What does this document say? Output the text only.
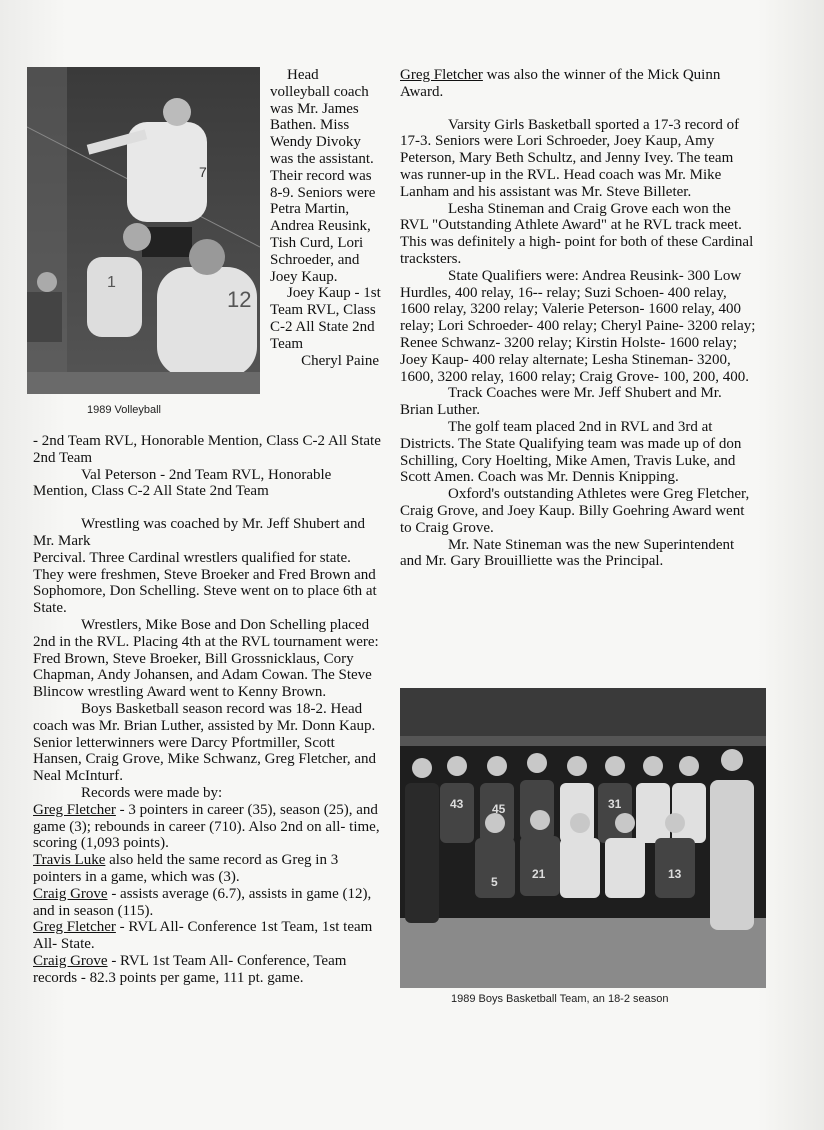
7
12
1
1989 Volleyball

Head volleyball coach was Mr. James Bathen. Miss Wendy Divoky was the assistant. Their record was 8-9. Seniors were Petra Martin, Andrea Reusink, Tish Curd, Lori Schroeder, and Joey Kaup.

Joey Kaup - 1st Team RVL, Class C-2 All State 2nd Team

Cheryl Paine

- 2nd Team RVL, Honorable Mention, Class C-2 All State 2nd Team

Val Peterson - 2nd Team RVL, Honorable Mention, Class C-2 All State 2nd Team

Wrestling was coached by Mr. Jeff Shubert and Mr. Mark

Percival. Three Cardinal wrestlers qualified for state. They were freshmen, Steve Broeker and Fred Brown and Sophomore, Don Schelling. Steve went on to place 6th at State.

Wrestlers, Mike Bose and Don Schelling placed 2nd in the RVL. Placing 4th at the RVL tournament were: Fred Brown, Steve Broeker, Bill Grossnicklaus, Cory Chapman, Andy Johansen, and Adam Cowan. The Steve Blincow wrestling Award went to Kenny Brown.

Boys Basketball season record was 18-2. Head coach was Mr. Brian Luther, assisted by Mr. Donn Kaup. Senior letterwinners were Darcy Pfortmiller, Scott Hansen, Craig Grove, Mike Schwanz, Greg Fletcher, and Neal McInturf.

Records were made by:

Greg Fletcher - 3 pointers in career (35), season (25), and game (3); rebounds in career (710). Also 2nd on all- time, scoring (1,093 points).

Travis Luke also held the same record as Greg in 3 pointers in a game, which was (3).

Craig Grove - assists average (6.7), assists in game (12), and in season (115).

Greg Fletcher - RVL All- Conference 1st Team, 1st team All- State.

Craig Grove - RVL 1st Team All- Conference, Team records - 82.3 points per game, 111 pt. game.

Greg Fletcher was also the winner of the Mick Quinn Award.

Varsity Girls Basketball sported a 17-3 record of 17-3. Seniors were Lori Schroeder, Joey Kaup, Amy Peterson, Mary Beth Schultz, and Jenny Ivey. The team was runner-up in the RVL. Head coach was Mr. Mike Lanham and his assistant was Mr. Steve Billeter.

Lesha Stineman and Craig Grove each won the RVL "Outstanding Athlete Award" at he RVL track meet. This was definitely a high- point for both of these Cardinal tracksters.

State Qualifiers were: Andrea Reusink- 300 Low Hurdles, 400 relay, 16-- relay; Suzi Schoen- 400 relay, 1600 relay, 3200 relay; Valerie Peterson- 1600 relay, 400 relay; Lori Schroeder- 400 relay; Cheryl Paine- 3200 relay; Renee Schwanz- 3200 relay; Kirstin Holste- 1600 relay; Joey Kaup- 400 relay alternate; Lesha Stineman- 3200, 1600, 3200 relay, 1600 relay; Craig Grove- 100, 200, 400.

Track Coaches were Mr. Jeff Shubert and Mr. Brian Luther.

The golf team placed 2nd in RVL and 3rd at Districts. The State Qualifying team was made up of don Schilling, Cory Hoelting, Mike Amen, Travis Luke, and Scott Amen. Coach was Mr. Dennis Knipping.

Oxford's outstanding Athletes were Greg Fletcher, Craig Grove, and Joey Kaup. Billy Goehring Award went to Craig Grove.

Mr. Nate Stineman was the new Superintendent and Mr. Gary Brouilliette was the Principal.

43 45	31
5
21	13
1989 Boys Basketball Team, an 18-2 season
